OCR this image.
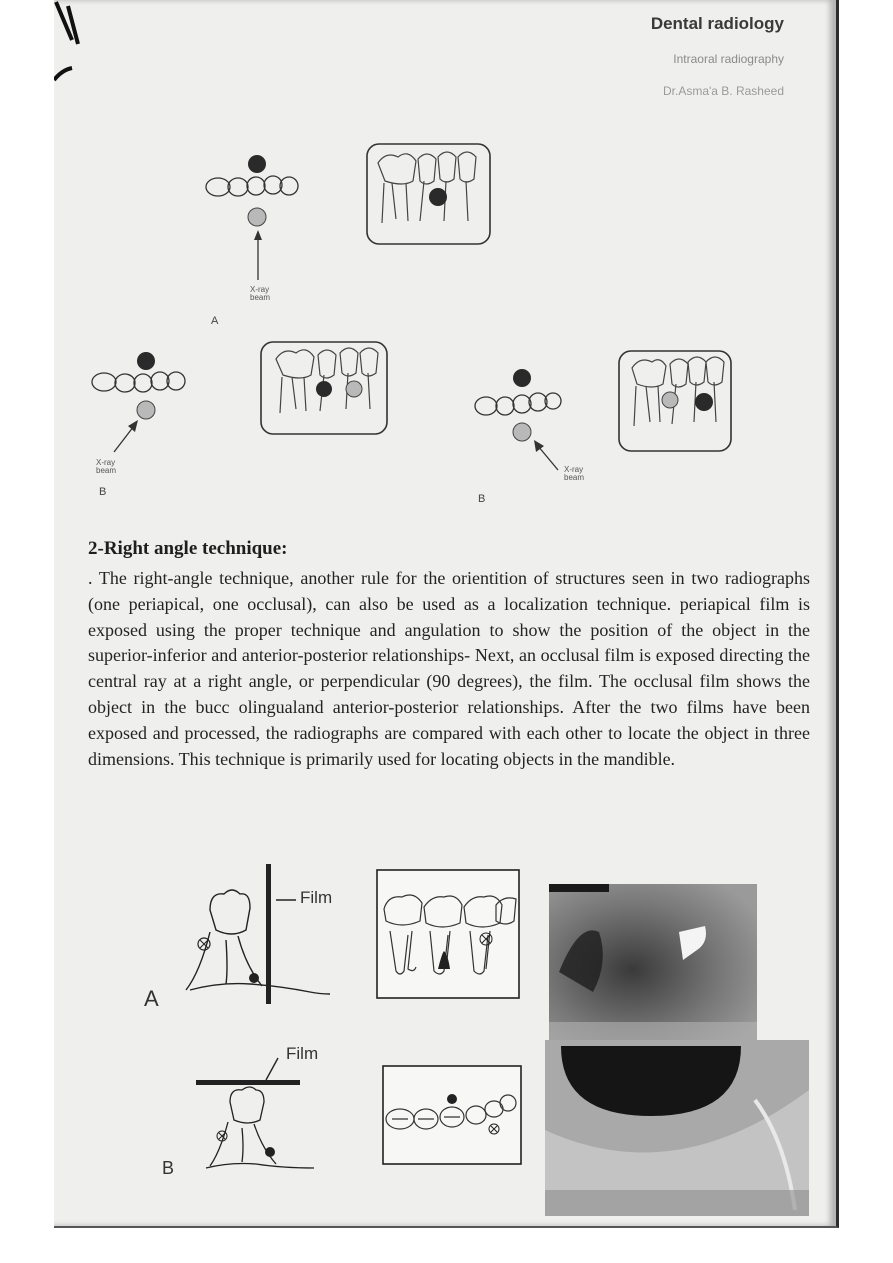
Dental radiology
Intraoral radiography
Dr.Asma'a B. Rasheed
X-ray
beam
A
X-ray
beam
B
X-ray
beam
B
2-Right angle technique:

. The right-angle technique, another rule for the orientition of structures seen in two radiographs (one periapical, one occlusal), can also be used as a localization technique. periapical film is exposed using the proper technique and angulation to show the position of the object in the superior-inferior and anterior-posterior relationships- Next, an occlusal film is exposed directing the central ray at a right angle, or perpendicular (90 degrees), the film. The occlusal film shows the object in the bucc olingualand anterior-posterior relationships. After the two films have been exposed and processed, the radiographs are compared with each other to locate the object in three dimensions. This technique is primarily used for locating objects in the mandible.

Film
A
Film
B
